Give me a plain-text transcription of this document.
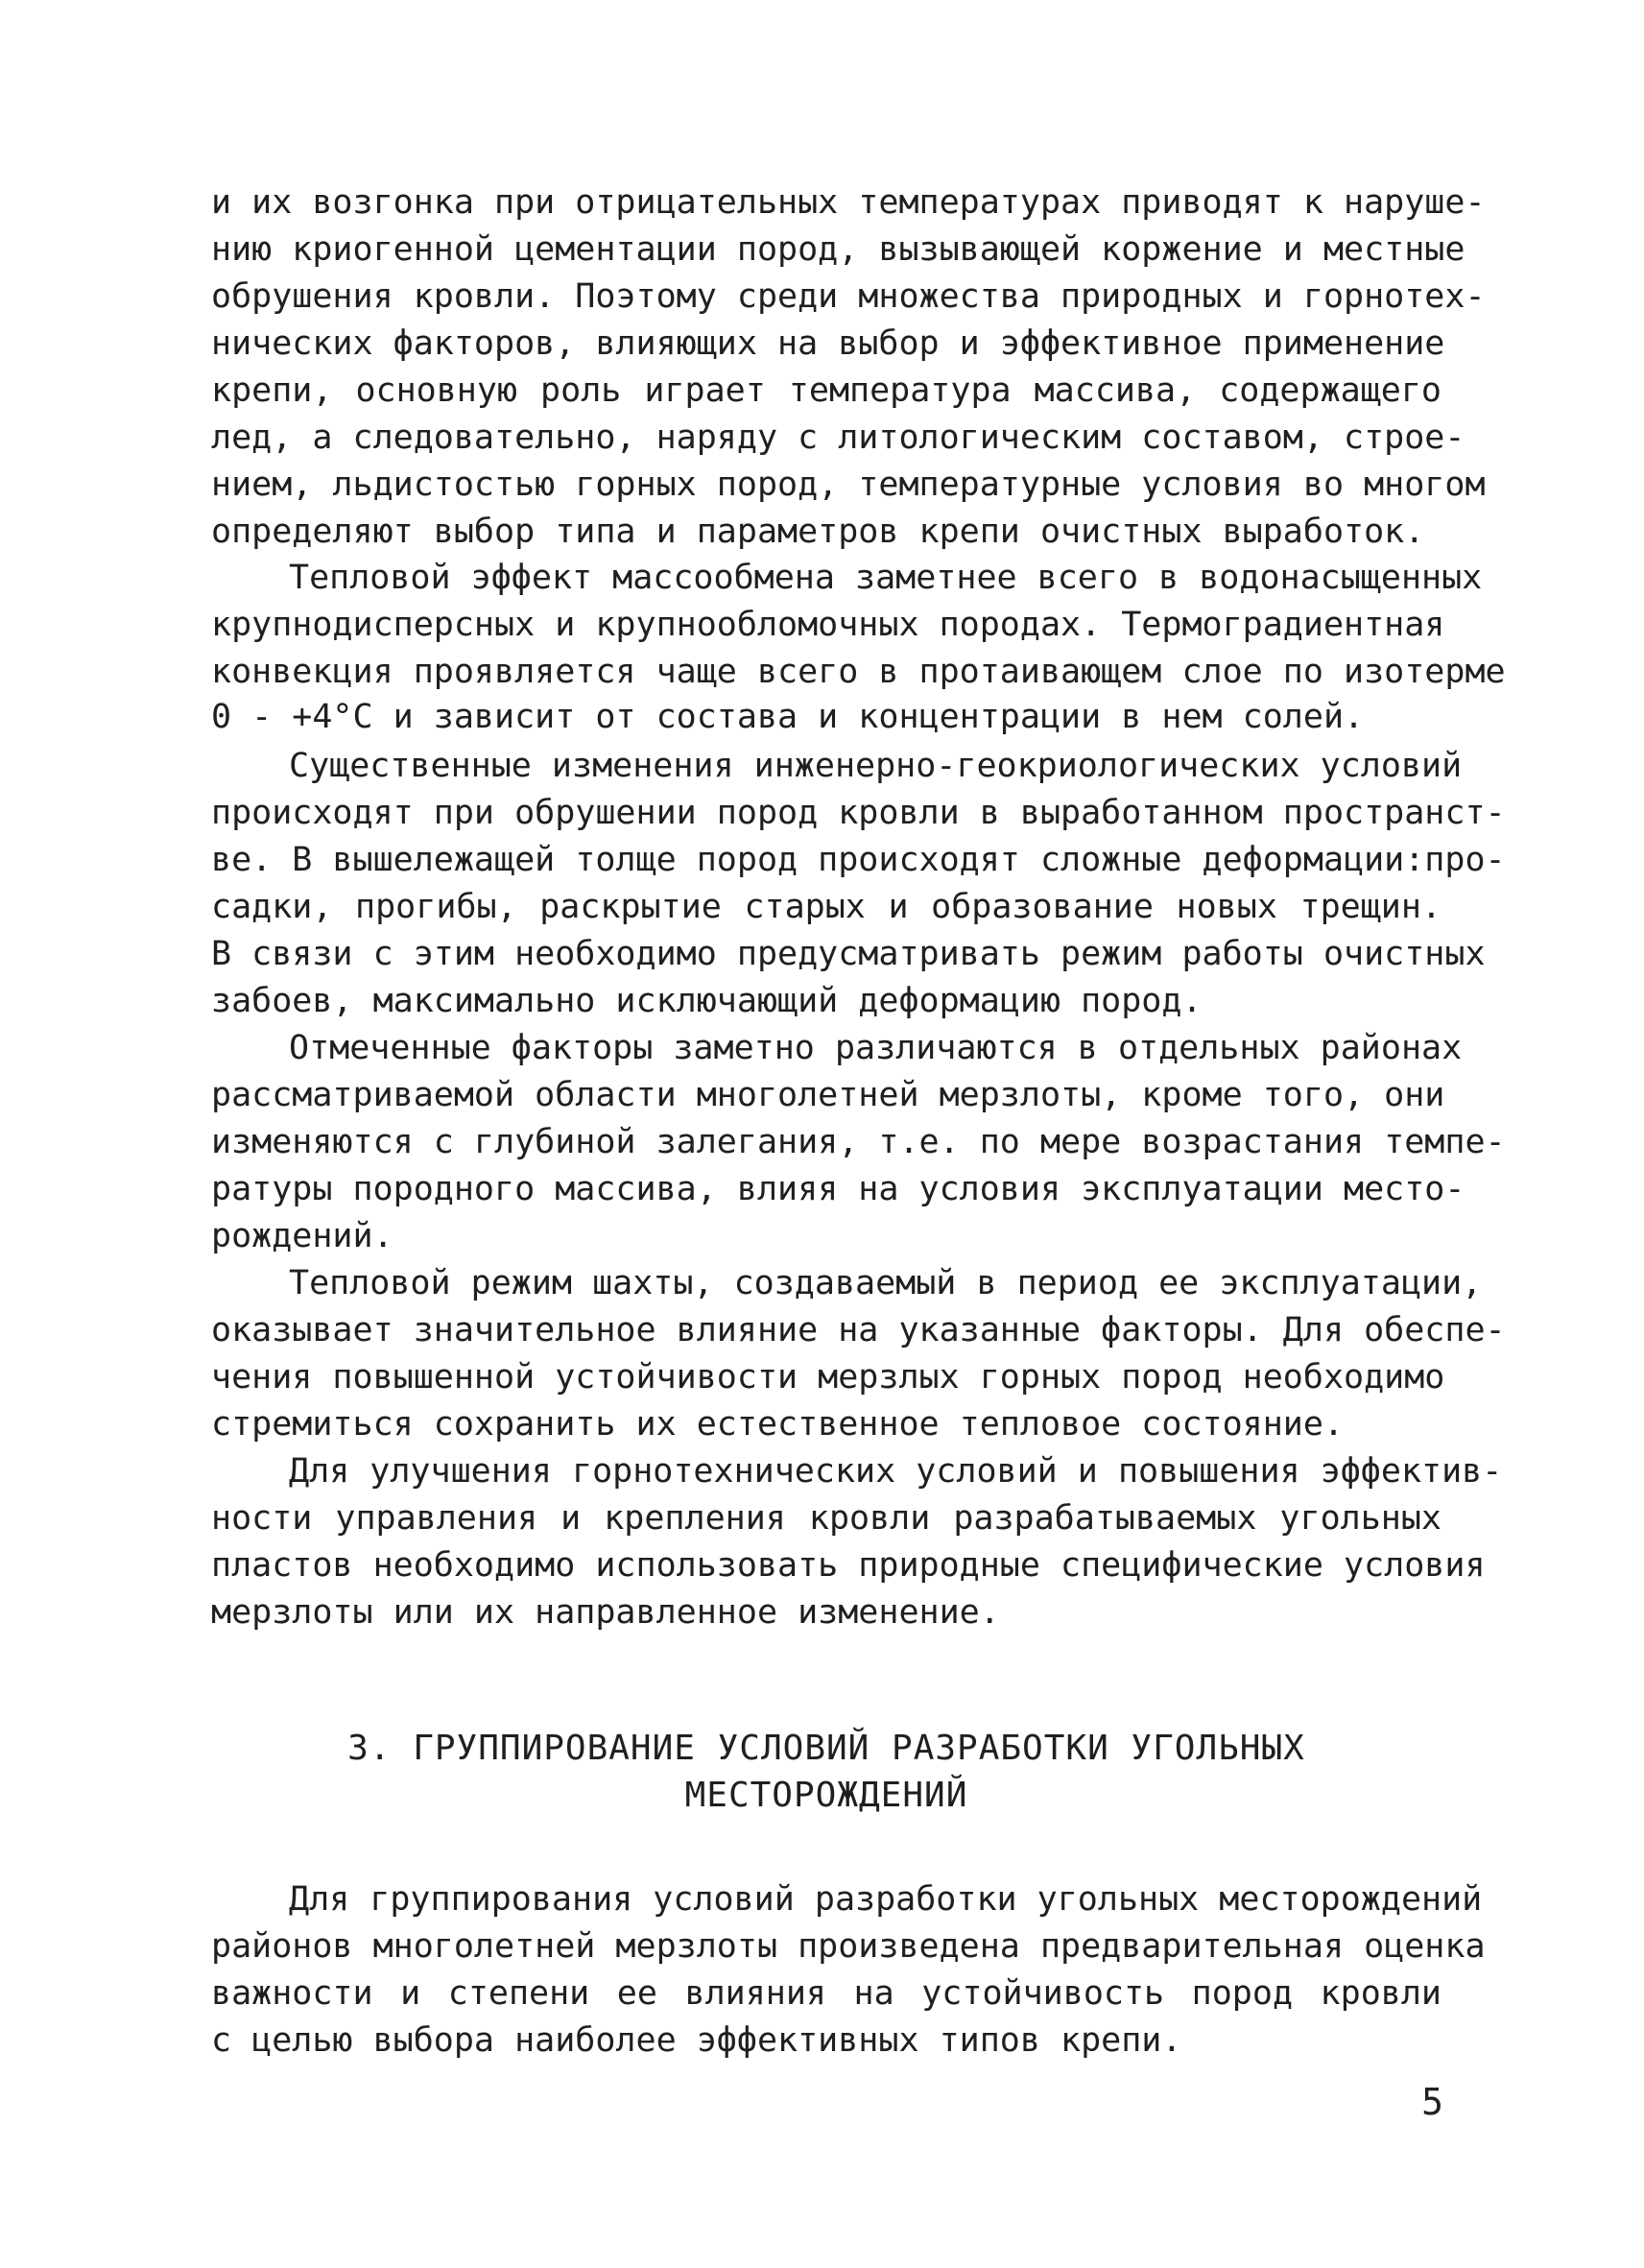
и их возгонка при отрицательных температурах приводят к наруше-
нию криогенной цементации пород, вызывающей коржение и местные
обрушения кровли. Поэтому среди множества природных и горнотех-
нических факторов, влияющих на выбор и эффективное применение
крепи, основную роль играет температура массива, содержащего
лед, а следовательно, наряду с литологическим составом, строе-
нием, льдистостью горных пород, температурные условия во многом
определяют выбор типа и параметров крепи очистных выработок.
Тепловой эффект массообмена заметнее всего в водонасыщенных
крупнодисперсных и крупнообломочных породах. Термоградиентная
конвекция проявляется чаще всего в протаивающем слое по изотерме
0 - +4°С и зависит от состава и концентрации в нем солей.
Существенные изменения инженерно-геокриологических условий
происходят при обрушении пород кровли в выработанном пространст-
ве. В вышележащей толще пород происходят сложные деформации:про-
садки, прогибы, раскрытие старых и образование новых трещин.
В связи с этим необходимо предусматривать режим работы очистных
забоев, максимально исключающий деформацию пород.
Отмеченные факторы заметно различаются в отдельных районах
рассматриваемой области многолетней мерзлоты, кроме того, они
изменяются с глубиной залегания, т.е. по мере возрастания темпе-
ратуры породного массива, влияя на условия эксплуатации место-
рождений.
Тепловой режим шахты, создаваемый в период ее эксплуатации,
оказывает значительное влияние на указанные факторы. Для обеспе-
чения повышенной устойчивости мерзлых горных пород необходимо
стремиться сохранить их естественное тепловое состояние.
Для улучшения горнотехнических условий и повышения эффектив-
ности управления и крепления кровли разрабатываемых угольных
пластов необходимо использовать природные специфические условия
мерзлоты или их направленное изменение.
3. ГРУППИРОВАНИЕ УСЛОВИЙ РАЗРАБОТКИ УГОЛЬНЫХ
МЕСТОРОЖДЕНИЙ
Для группирования условий разработки угольных месторождений
районов многолетней мерзлоты произведена предварительная оценка
важности и степени ее влияния на устойчивость пород кровли
с целью выбора наиболее эффективных типов крепи.
5
